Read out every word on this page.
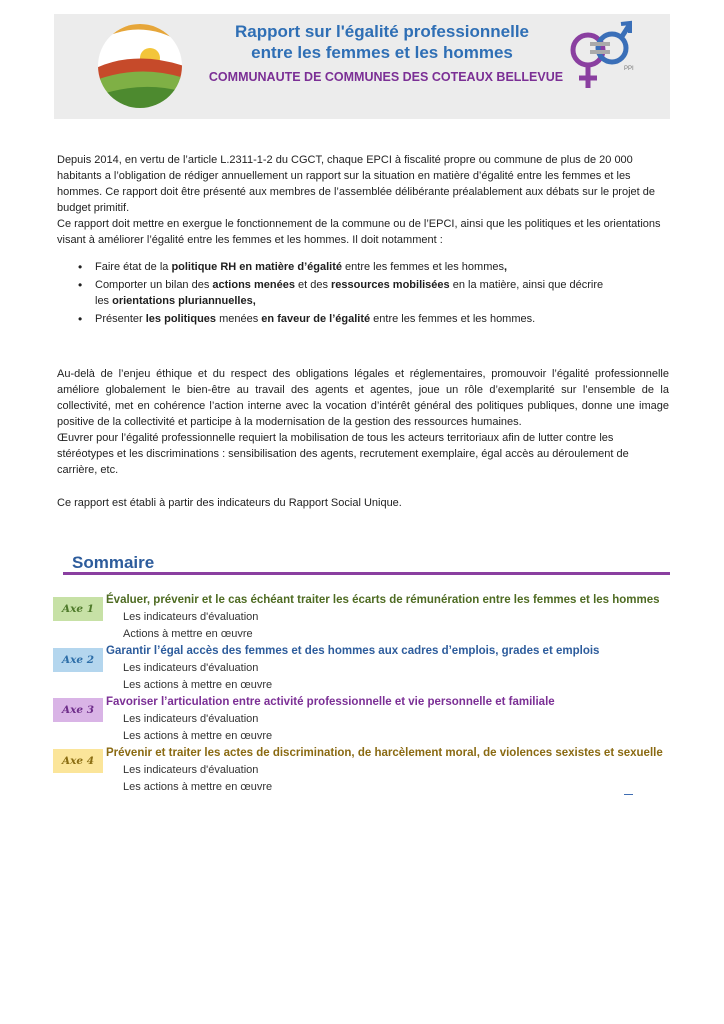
Rapport sur l'égalité professionnelle
entre les femmes et les hommes
COMMUNAUTE DE COMMUNES DES COTEAUX BELLEVUE
PPI

Depuis 2014, en vertu de l’article L.2311-1-2 du CGCT, chaque EPCI à fiscalité propre ou commune de plus de 20 000

habitants a l’obligation de rédiger annuellement un rapport sur la situation en matière d’égalité entre les femmes et les

hommes. Ce rapport doit être présenté aux membres de l’assemblée délibérante préalablement aux débats sur le projet de

budget primitif.

Ce rapport doit mettre en exergue le fonctionnement de la commune ou de l’EPCI, ainsi que les politiques et les orientations

visant à améliorer l’égalité entre les femmes et les hommes. Il doit notamment :

• Faire état de la politique RH en matière d’égalité entre les femmes et les hommes,
• Comporter un bilan des actions menées et des ressources mobilisées en la matière, ainsi que décrire
les orientations pluriannuelles,
• Présenter les politiques menées en faveur de l’égalité entre les femmes et les hommes.

Au-delà de l’enjeu éthique et du respect des obligations légales et réglementaires, promouvoir l’égalité professionnelle

améliore globalement le bien-être au travail des agents et agentes, joue un rôle d’exemplarité sur l’ensemble de la

collectivité, met en cohérence l’action interne avec la vocation d’intérêt général des politiques publiques, donne une image

positive de la collectivité et participe à la modernisation de la gestion des ressources humaines.

Œuvrer pour l’égalité professionnelle requiert la mobilisation de tous les acteurs territoriaux afin de lutter contre les

stéréotypes et les discriminations : sensibilisation des agents, recrutement exemplaire, égal accès au déroulement de

carrière, etc.

Ce rapport est établi à partir des indicateurs du Rapport Social Unique.

Sommaire
Axe 1
Évaluer, prévenir et le cas échéant traiter les écarts de rémunération entre les femmes et les hommes
Les indicateurs d'évaluation
Actions à mettre en œuvre
Axe 2
Garantir l’égal accès des femmes et des hommes aux cadres d’emplois, grades et emplois
Les indicateurs d'évaluation
Les actions à mettre en œuvre
Axe 3
Favoriser l’articulation entre activité professionnelle et vie personnelle et familiale
Les indicateurs d'évaluation
Les actions à mettre en œuvre
Axe 4
Prévenir et traiter les actes de discrimination, de harcèlement moral, de violences sexistes et sexuelle
Les indicateurs d'évaluation
Les actions à mettre en œuvre
